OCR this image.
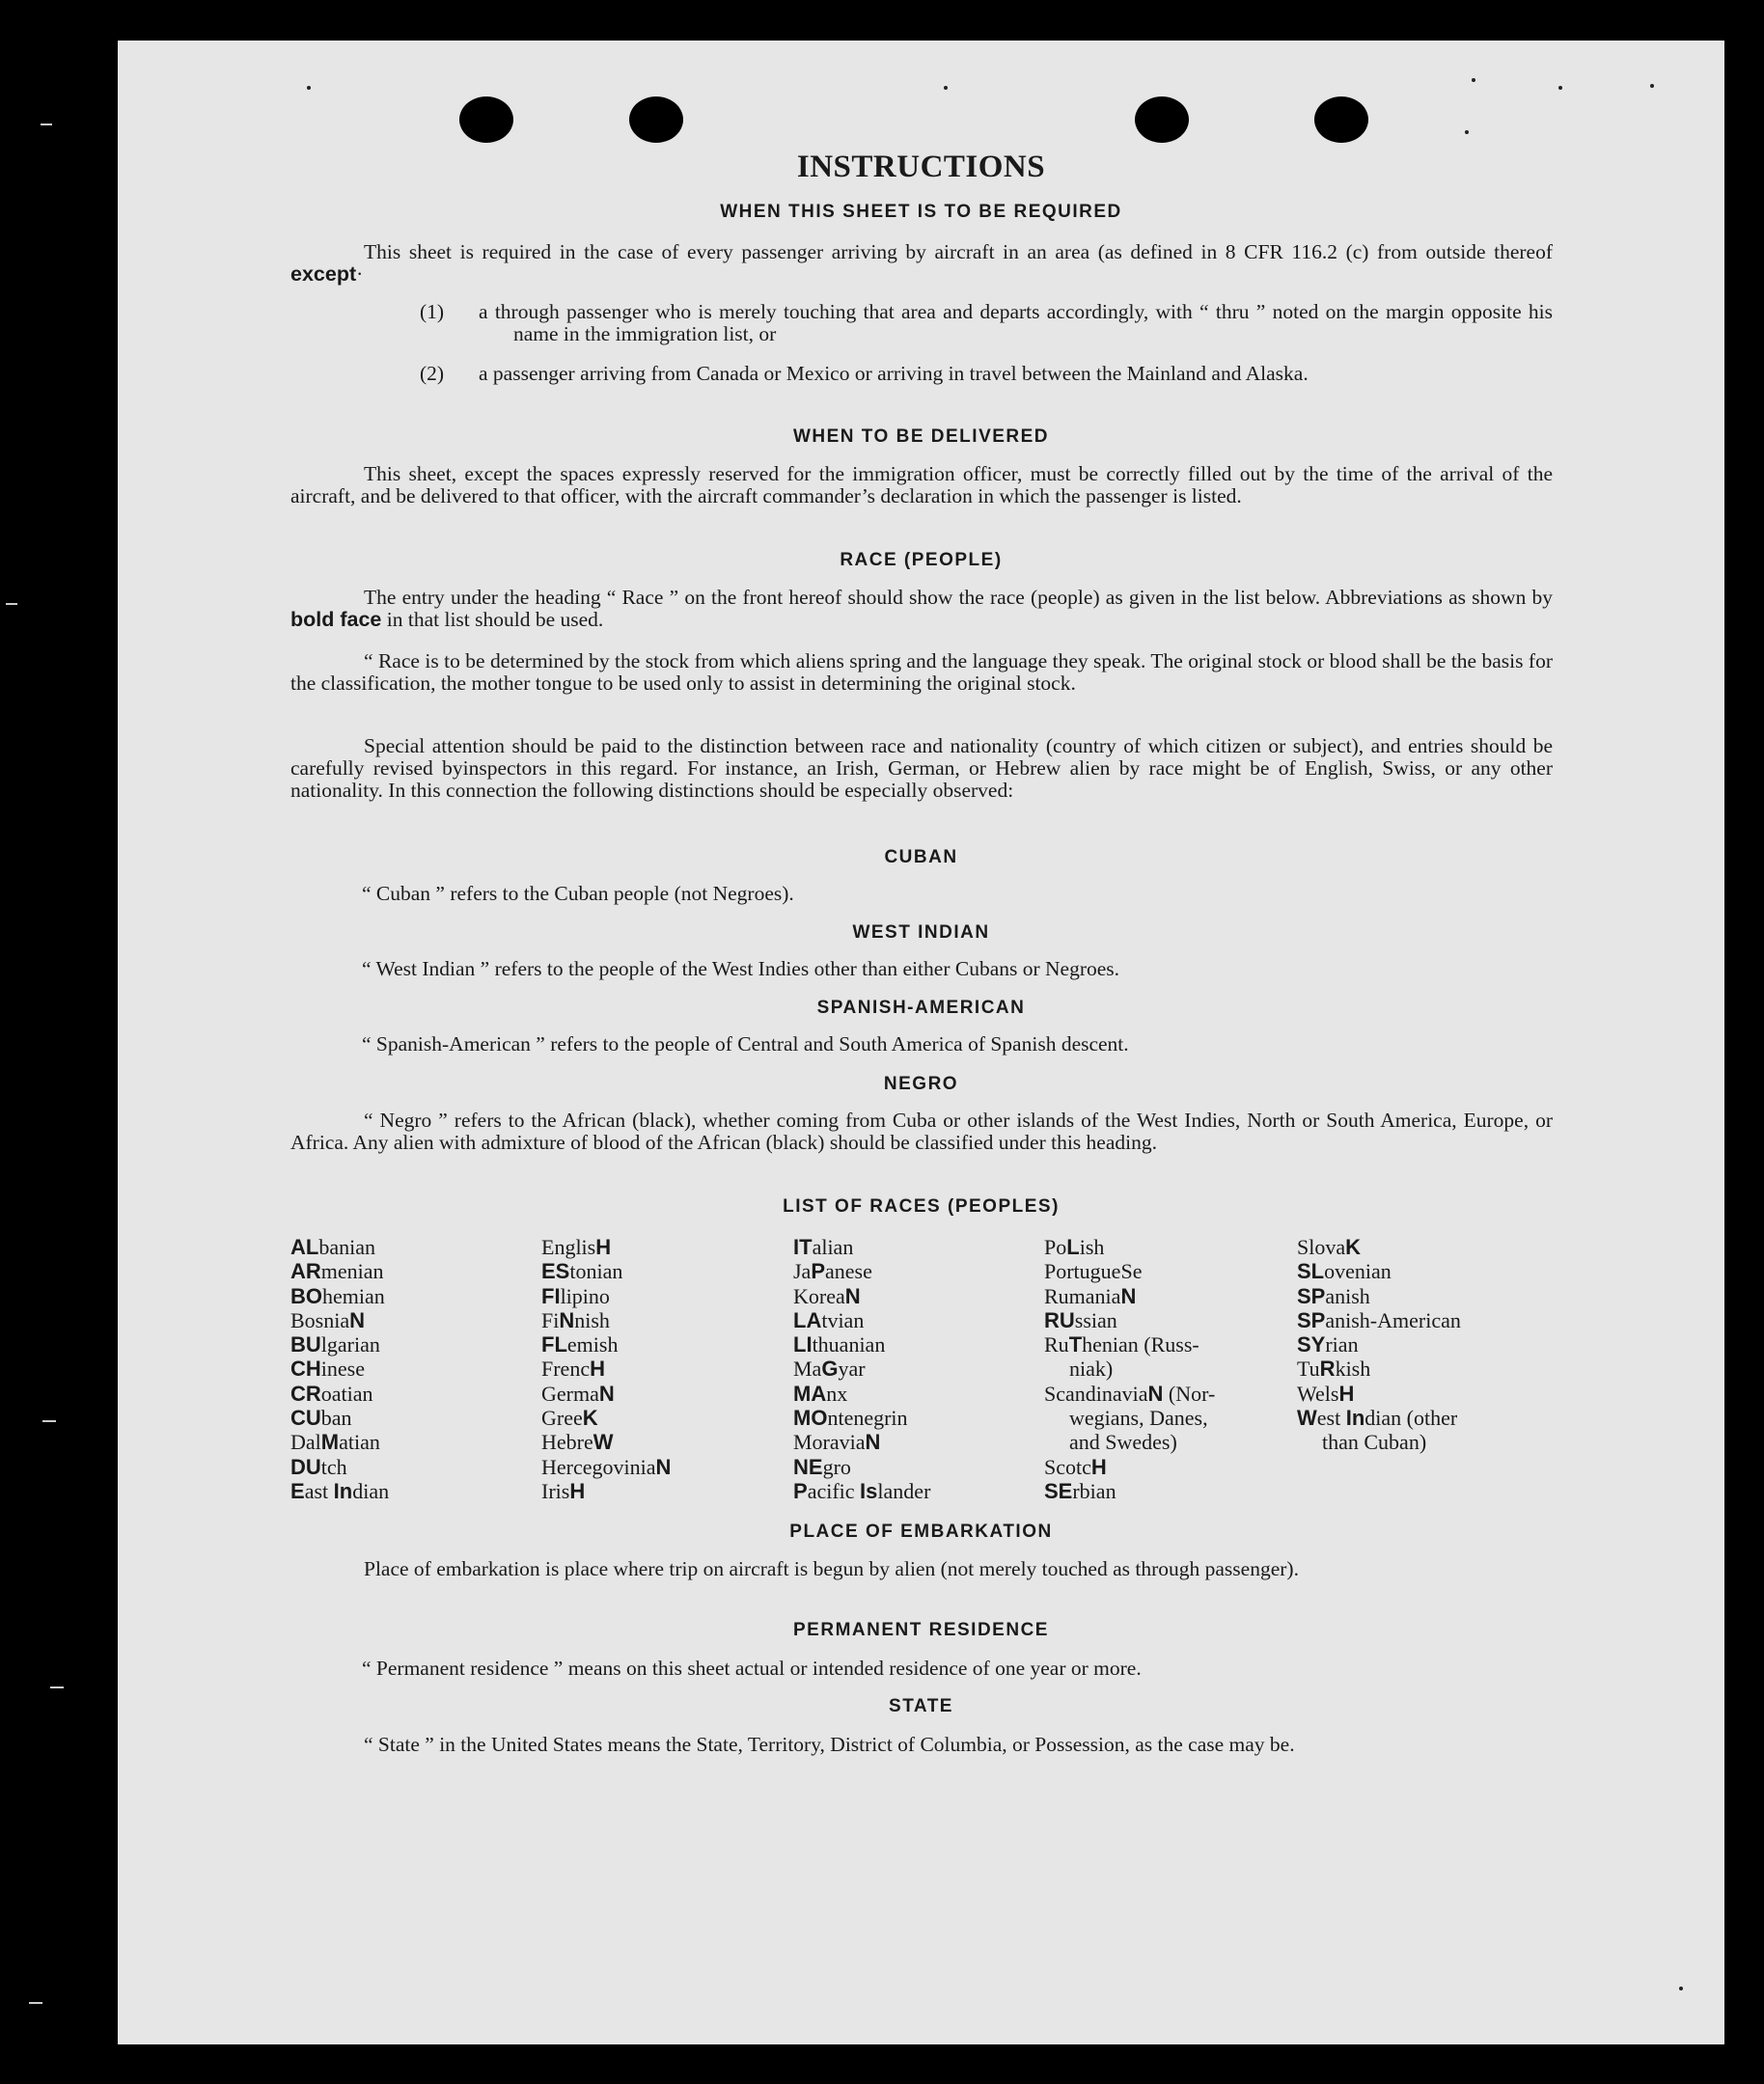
INSTRUCTIONS
WHEN THIS SHEET IS TO BE REQUIRED
This sheet is required in the case of every passenger arriving by aircraft in an area (as defined in 8 CFR 116.2 (c) from outside thereof except·
(1) a through passenger who is merely touching that area and departs accordingly, with “ thru ” noted on the margin opposite his name in the immigration list, or
(2) a passenger arriving from Canada or Mexico or arriving in travel between the Mainland and Alaska.
WHEN TO BE DELIVERED
This sheet, except the spaces expressly reserved for the immigration officer, must be correctly filled out by the time of the arrival of the aircraft, and be delivered to that officer, with the aircraft commander’s declaration in which the passenger is listed.
RACE (PEOPLE)
The entry under the heading “ Race ” on the front hereof should show the race (people) as given in the list below. Abbreviations as shown by bold face in that list should be used.
“ Race is to be determined by the stock from which aliens spring and the language they speak. The original stock or blood shall be the basis for the classification, the mother tongue to be used only to assist in determining the original stock.
Special attention should be paid to the distinction between race and nationality (country of which citizen or subject), and entries should be carefully revised byinspectors in this regard. For instance, an Irish, German, or Hebrew alien by race might be of English, Swiss, or any other nationality. In this connection the following distinctions should be especially observed:
CUBAN
“ Cuban ” refers to the Cuban people (not Negroes).
WEST INDIAN
“ West Indian ” refers to the people of the West Indies other than either Cubans or Negroes.
SPANISH-AMERICAN
“ Spanish-American ” refers to the people of Central and South America of Spanish descent.
NEGRO
“ Negro ” refers to the African (black), whether coming from Cuba or other islands of the West Indies, North or South America, Europe, or Africa. Any alien with admixture of blood of the African (black) should be classified under this heading.
LIST OF RACES (PEOPLES)
ALbanian
ARmenian
BOhemian
BosniaN
BUlgarian
CHinese
CRoatian
CUban
DalMatian
DUtch
East Indian
EnglisH
EStonian
FIlipino
FiNnish
FLemish
FrencH
GermaN
GreeK
HebreW
HercegoviniaN
IrisH
ITalian
JaPanese
KoreaN
LAtvian
LIthuanian
MaGyar
MAnx
MOntenegrin
MoraviaN
NEgro
Pacific Islander
PoLish
PortugueSe
RumaniaN
RUssian
RuThenian (Russ-
niak)
ScandinaviaN (Nor-
wegians, Danes,
and Swedes)
ScotcH
SErbian
SlovaK
SLovenian
SPanish
SPanish-American
SYrian
TuRkish
WelsH
West Indian (other
than Cuban)
PLACE OF EMBARKATION
Place of embarkation is place where trip on aircraft is begun by alien (not merely touched as through passenger).
PERMANENT RESIDENCE
“ Permanent residence ” means on this sheet actual or intended residence of one year or more.
STATE
“ State ” in the United States means the State, Territory, District of Columbia, or Possession, as the case may be.
